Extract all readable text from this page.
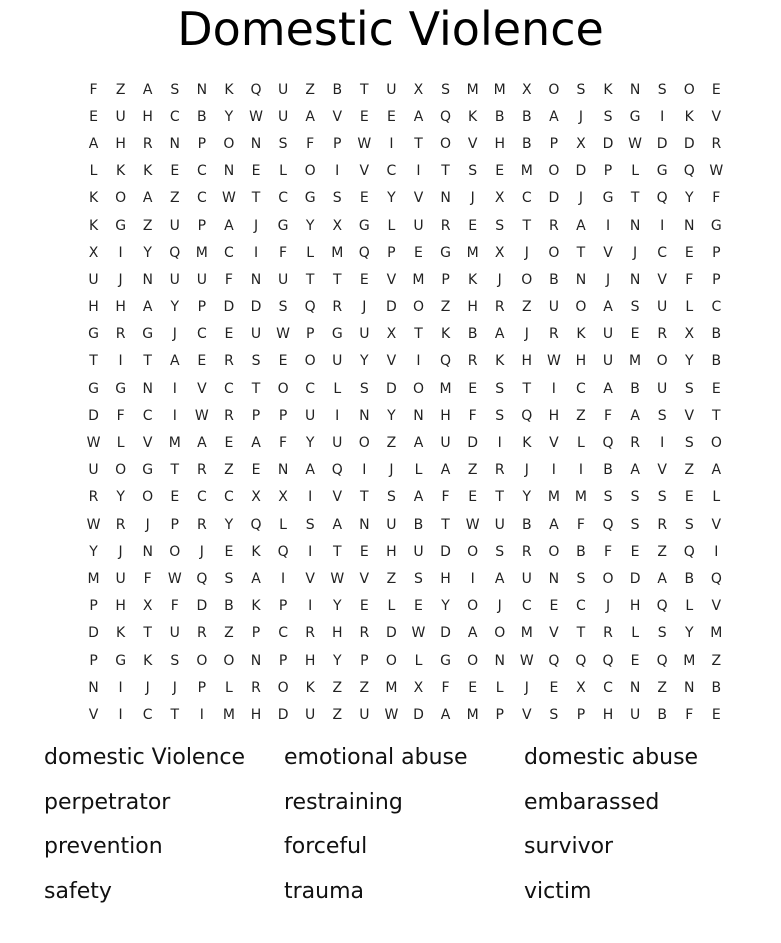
Domestic Violence
F	Z	A	S	N	K	Q	U	Z	B	T	U	X	S	M	M	X	O	S	K	N	S	O	E
E	U	H	C	B	Y	W	U	A	V	E	E	A	Q	K	B	B	A	J	S	G	I	K	V
A	H	R	N	P	O	N	S	F	P	W	I	T	O	V	H	B	P	X	D	W	D	D	R
L	K	K	E	C	N	E	L	O	I	V	C	I	T	S	E	M	O	D	P	L	G	Q	W
K	O	A	Z	C	W	T	C	G	S	E	Y	V	N	J	X	C	D	J	G	T	Q	Y	F
K	G	Z	U	P	A	J	G	Y	X	G	L	U	R	E	S	T	R	A	I	N	I	N	G
X	I	Y	Q	M	C	I	F	L	M	Q	P	E	G	M	X	J	O	T	V	J	C	E	P
U	J	N	U	U	F	N	U	T	T	E	V	M	P	K	J	O	B	N	J	N	V	F	P
H	H	A	Y	P	D	D	S	Q	R	J	D	O	Z	H	R	Z	U	O	A	S	U	L	C
G	R	G	J	C	E	U	W	P	G	U	X	T	K	B	A	J	R	K	U	E	R	X	B
T	I	T	A	E	R	S	E	O	U	Y	V	I	Q	R	K	H	W	H	U	M	O	Y	B
G	G	N	I	V	C	T	O	C	L	S	D	O	M	E	S	T	I	C	A	B	U	S	E
D	F	C	I	W	R	P	P	U	I	N	Y	N	H	F	S	Q	H	Z	F	A	S	V	T
W	L	V	M	A	E	A	F	Y	U	O	Z	A	U	D	I	K	V	L	Q	R	I	S	O
U	O	G	T	R	Z	E	N	A	Q	I	J	L	A	Z	R	J	I	I	B	A	V	Z	A
R	Y	O	E	C	C	X	X	I	V	T	S	A	F	E	T	Y	M	M	S	S	S	E	L
W	R	J	P	R	Y	Q	L	S	A	N	U	B	T	W	U	B	A	F	Q	S	R	S	V
Y	J	N	O	J	E	K	Q	I	T	E	H	U	D	O	S	R	O	B	F	E	Z	Q	I
M	U	F	W	Q	S	A	I	V	W	V	Z	S	H	I	A	U	N	S	O	D	A	B	Q
P	H	X	F	D	B	K	P	I	Y	E	L	E	Y	O	J	C	E	C	J	H	Q	L	V
D	K	T	U	R	Z	P	C	R	H	R	D	W	D	A	O	M	V	T	R	L	S	Y	M
P	G	K	S	O	O	N	P	H	Y	P	O	L	G	O	N	W	Q	Q	Q	E	Q	M	Z
N	I	J	J	P	L	R	O	K	Z	Z	M	X	F	E	L	J	E	X	C	N	Z	N	B
V	I	C	T	I	M	H	D	U	Z	U	W	D	A	M	P	V	S	P	H	U	B	F	E
domestic Violence	emotional abuse	domestic abuse
perpetrator	restraining	embarassed
prevention	forceful	survivor
safety	trauma	victim
